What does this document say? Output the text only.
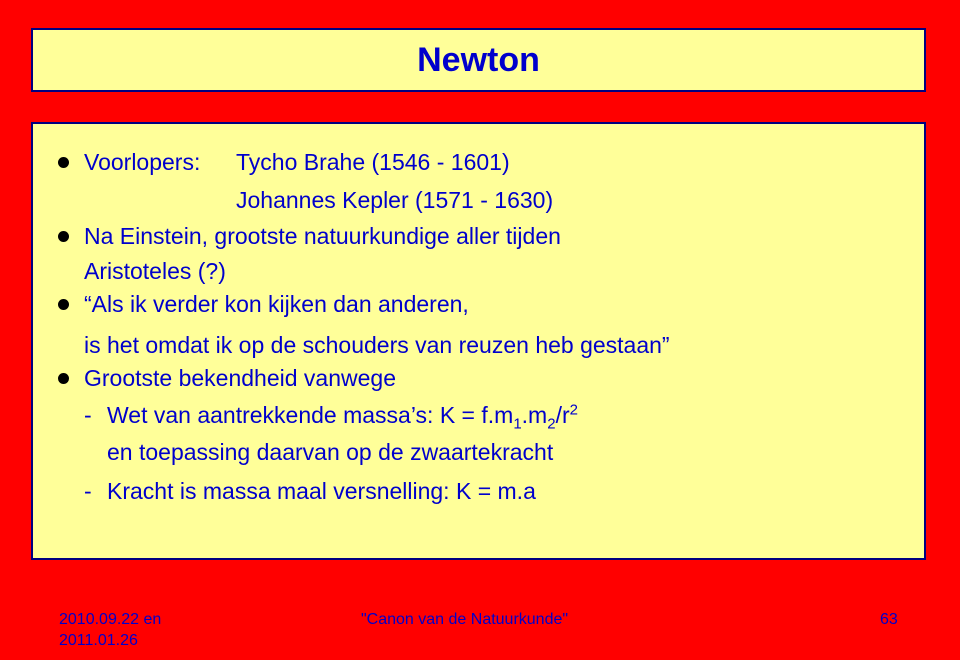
Newton
Voorlopers: Tycho Brahe (1546 - 1601)
Johannes Kepler (1571 - 1630)
Na Einstein, grootste natuurkundige aller tijden
Aristoteles (?)
“Als ik verder kon kijken dan anderen,
is het omdat ik op de schouders van reuzen heb gestaan”
Grootste bekendheid vanwege
- Wet van aantrekkende massa’s: $K = f.m_1.m_2/r^2$
en toepassing daarvan op de zwaartekracht
- Kracht is massa maal versnelling: K = m.a
2010.09.22 en
2011.01.26
"Canon van de Natuurkunde"	63
